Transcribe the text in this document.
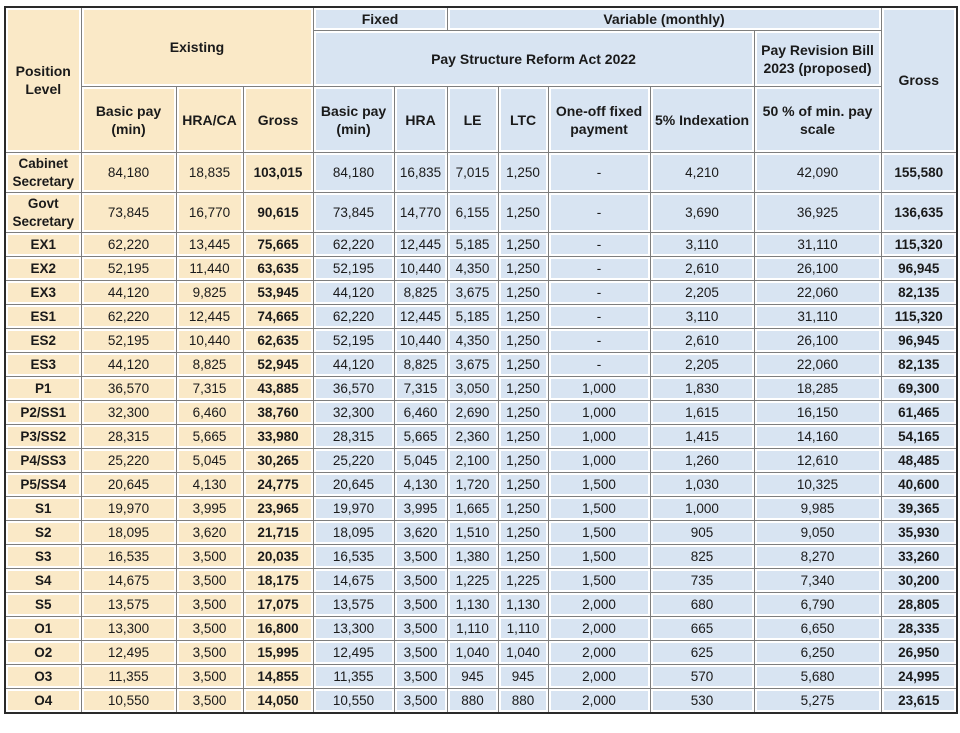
Position Level	Existing			Fixed		Variable (monthly)					Gross
				Pay Structure Reform Act 2022						Pay Revision Bill 2023 (proposed)	
	Basic pay (min)	HRA/CA	Gross	Basic pay (min)	HRA	LE	LTC	One-off fixed payment	5% Indexation	50 % of min. pay scale	
Cabinet Secretary	84,180	18,835	103,015	84,180	16,835	7,015	1,250	-	4,210	42,090	155,580
Govt Secretary	73,845	16,770	90,615	73,845	14,770	6,155	1,250	-	3,690	36,925	136,635
EX1	62,220	13,445	75,665	62,220	12,445	5,185	1,250	-	3,110	31,110	115,320
EX2	52,195	11,440	63,635	52,195	10,440	4,350	1,250	-	2,610	26,100	96,945
EX3	44,120	9,825	53,945	44,120	8,825	3,675	1,250	-	2,205	22,060	82,135
ES1	62,220	12,445	74,665	62,220	12,445	5,185	1,250	-	3,110	31,110	115,320
ES2	52,195	10,440	62,635	52,195	10,440	4,350	1,250	-	2,610	26,100	96,945
ES3	44,120	8,825	52,945	44,120	8,825	3,675	1,250	-	2,205	22,060	82,135
P1	36,570	7,315	43,885	36,570	7,315	3,050	1,250	1,000	1,830	18,285	69,300
P2/SS1	32,300	6,460	38,760	32,300	6,460	2,690	1,250	1,000	1,615	16,150	61,465
P3/SS2	28,315	5,665	33,980	28,315	5,665	2,360	1,250	1,000	1,415	14,160	54,165
P4/SS3	25,220	5,045	30,265	25,220	5,045	2,100	1,250	1,000	1,260	12,610	48,485
P5/SS4	20,645	4,130	24,775	20,645	4,130	1,720	1,250	1,500	1,030	10,325	40,600
S1	19,970	3,995	23,965	19,970	3,995	1,665	1,250	1,500	1,000	9,985	39,365
S2	18,095	3,620	21,715	18,095	3,620	1,510	1,250	1,500	905	9,050	35,930
S3	16,535	3,500	20,035	16,535	3,500	1,380	1,250	1,500	825	8,270	33,260
S4	14,675	3,500	18,175	14,675	3,500	1,225	1,225	1,500	735	7,340	30,200
S5	13,575	3,500	17,075	13,575	3,500	1,130	1,130	2,000	680	6,790	28,805
O1	13,300	3,500	16,800	13,300	3,500	1,110	1,110	2,000	665	6,650	28,335
O2	12,495	3,500	15,995	12,495	3,500	1,040	1,040	2,000	625	6,250	26,950
O3	11,355	3,500	14,855	11,355	3,500	945	945	2,000	570	5,680	24,995
O4	10,550	3,500	14,050	10,550	3,500	880	880	2,000	530	5,275	23,615
